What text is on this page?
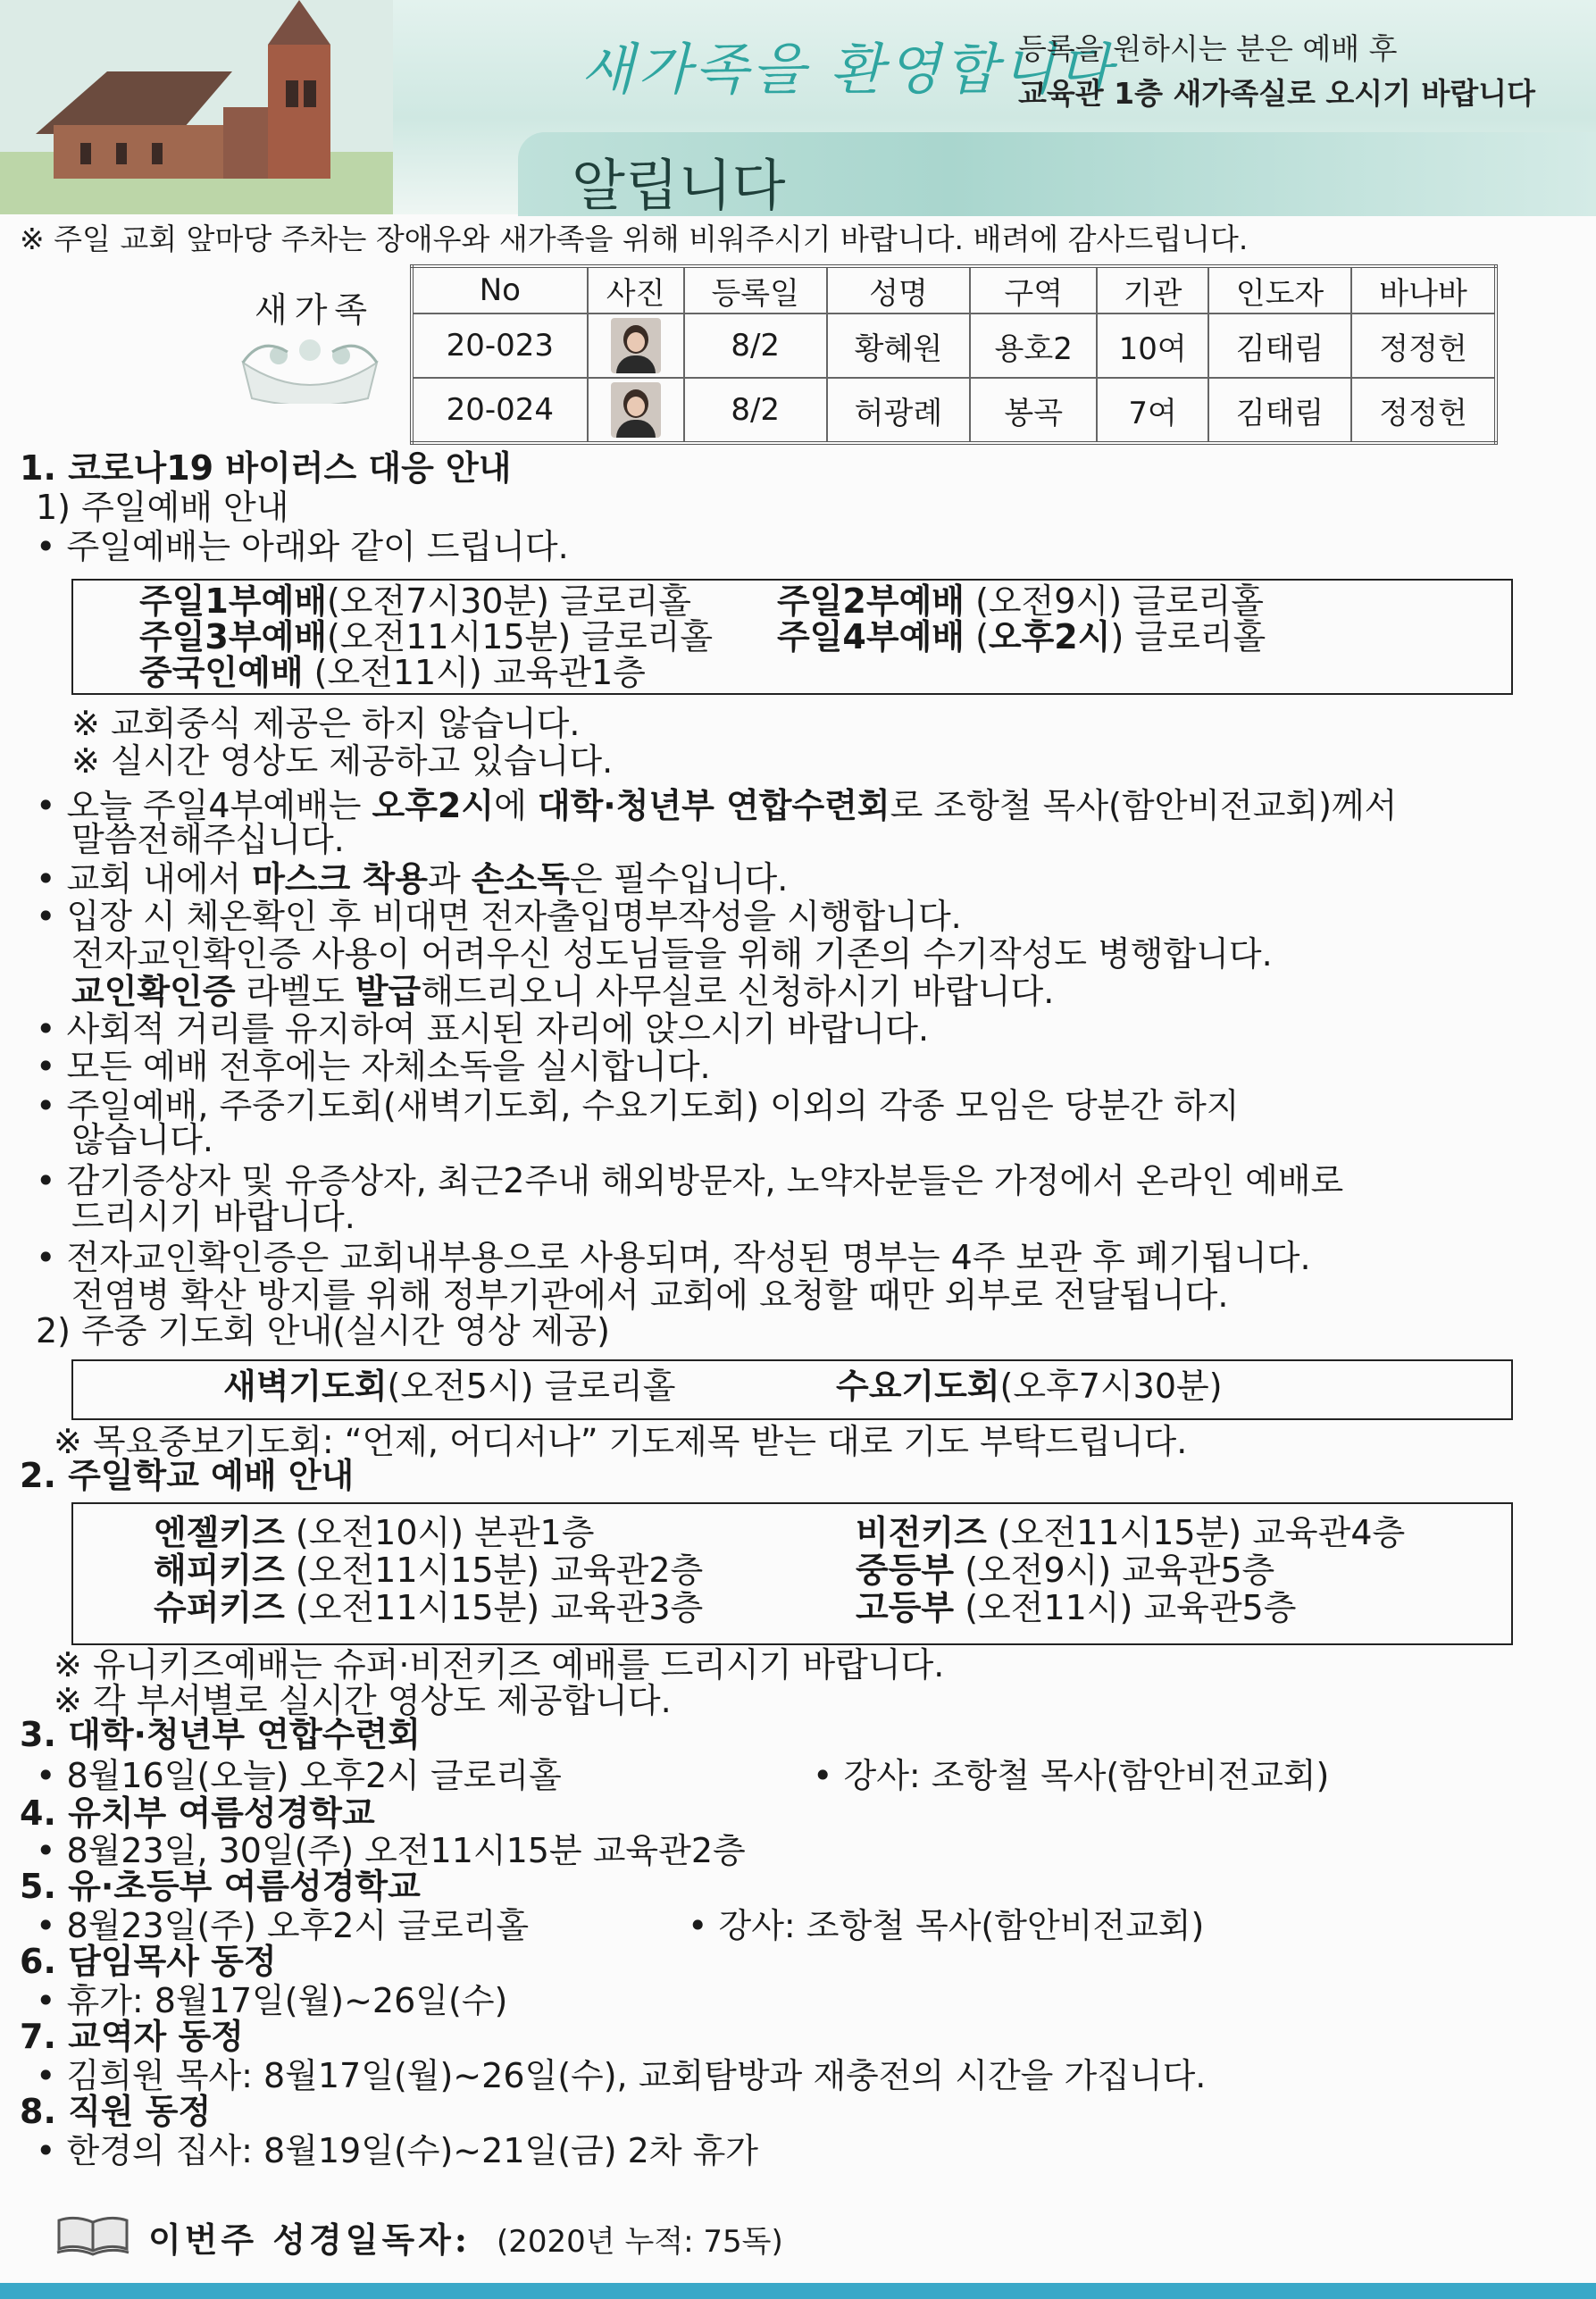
새가족을 환영합니다
등록을 원하시는 분은 예배 후
교육관 1층 새가족실로 오시기 바랍니다
알립니다
※ 주일 교회 앞마당 주차는 장애우와 새가족을 위해 비워주시기 바랍니다. 배려에 감사드립니다.
새가족	No	사진	등록일	성명	구역	기관	인도자	바나바
20-023		8/2	황혜원	용호2	10여	김태림	정정헌
20-024		8/2	허광례	봉곡	7여	김태림	정정헌
1. 코로나19 바이러스 대응 안내
1) 주일예배 안내
• 주일예배는 아래와 같이 드립니다.
주일1부예배(오전7시30분) 글로리홀	주일2부예배 (오전9시) 글로리홀
주일3부예배(오전11시15분) 글로리홀 주일4부예배 (오후2시) 글로리홀
중국인예배 (오전11시) 교육관1층
※ 교회중식 제공은 하지 않습니다.
※ 실시간 영상도 제공하고 있습니다.
• 오늘 주일4부예배는 오후2시에 대학·청년부 연합수련회로 조항철 목사(함안비전교회)께서
말씀전해주십니다.
• 교회 내에서 마스크 착용과 손소독은 필수입니다.
• 입장 시 체온확인 후 비대면 전자출입명부작성을 시행합니다.
전자교인확인증 사용이 어려우신 성도님들을 위해 기존의 수기작성도 병행합니다.
교인확인증 라벨도 발급해드리오니 사무실로 신청하시기 바랍니다.
• 사회적 거리를 유지하여 표시된 자리에 앉으시기 바랍니다.
• 모든 예배 전후에는 자체소독을 실시합니다.
• 주일예배, 주중기도회(새벽기도회, 수요기도회) 이외의 각종 모임은 당분간 하지
않습니다.
• 감기증상자 및 유증상자, 최근2주내 해외방문자, 노약자분들은 가정에서 온라인 예배로
드리시기 바랍니다.
• 전자교인확인증은 교회내부용으로 사용되며, 작성된 명부는 4주 보관 후 폐기됩니다.
전염병 확산 방지를 위해 정부기관에서 교회에 요청할 때만 외부로 전달됩니다.
2) 주중 기도회 안내(실시간 영상 제공)
새벽기도회(오전5시) 글로리홀	수요기도회(오후7시30분)
※ 목요중보기도회: “언제, 어디서나” 기도제목 받는 대로 기도 부탁드립니다.
2. 주일학교 예배 안내
엔젤키즈 (오전10시) 본관1층
해피키즈 (오전11시15분) 교육관2층
슈퍼키즈 (오전11시15분) 교육관3층
비전키즈 (오전11시15분) 교육관4층
중등부 (오전9시) 교육관5층
고등부 (오전11시) 교육관5층
※ 유니키즈예배는 슈퍼·비전키즈 예배를 드리시기 바랍니다.
※ 각 부서별로 실시간 영상도 제공합니다.
3. 대학·청년부 연합수련회
• 8월16일(오늘) 오후2시 글로리홀	• 강사: 조항철 목사(함안비전교회)
4. 유치부 여름성경학교
• 8월23일, 30일(주) 오전11시15분 교육관2층
5. 유·초등부 여름성경학교
• 8월23일(주) 오후2시 글로리홀	• 강사: 조항철 목사(함안비전교회)
6. 담임목사 동정
• 휴가: 8월17일(월)~26일(수)
7. 교역자 동정
• 김희원 목사: 8월17일(월)~26일(수), 교회탐방과 재충전의 시간을 가집니다.
8. 직원 동정
• 한경의 집사: 8월19일(수)~21일(금) 2차 휴가
이번주 성경일독자: (2020년 누적: 75독)
